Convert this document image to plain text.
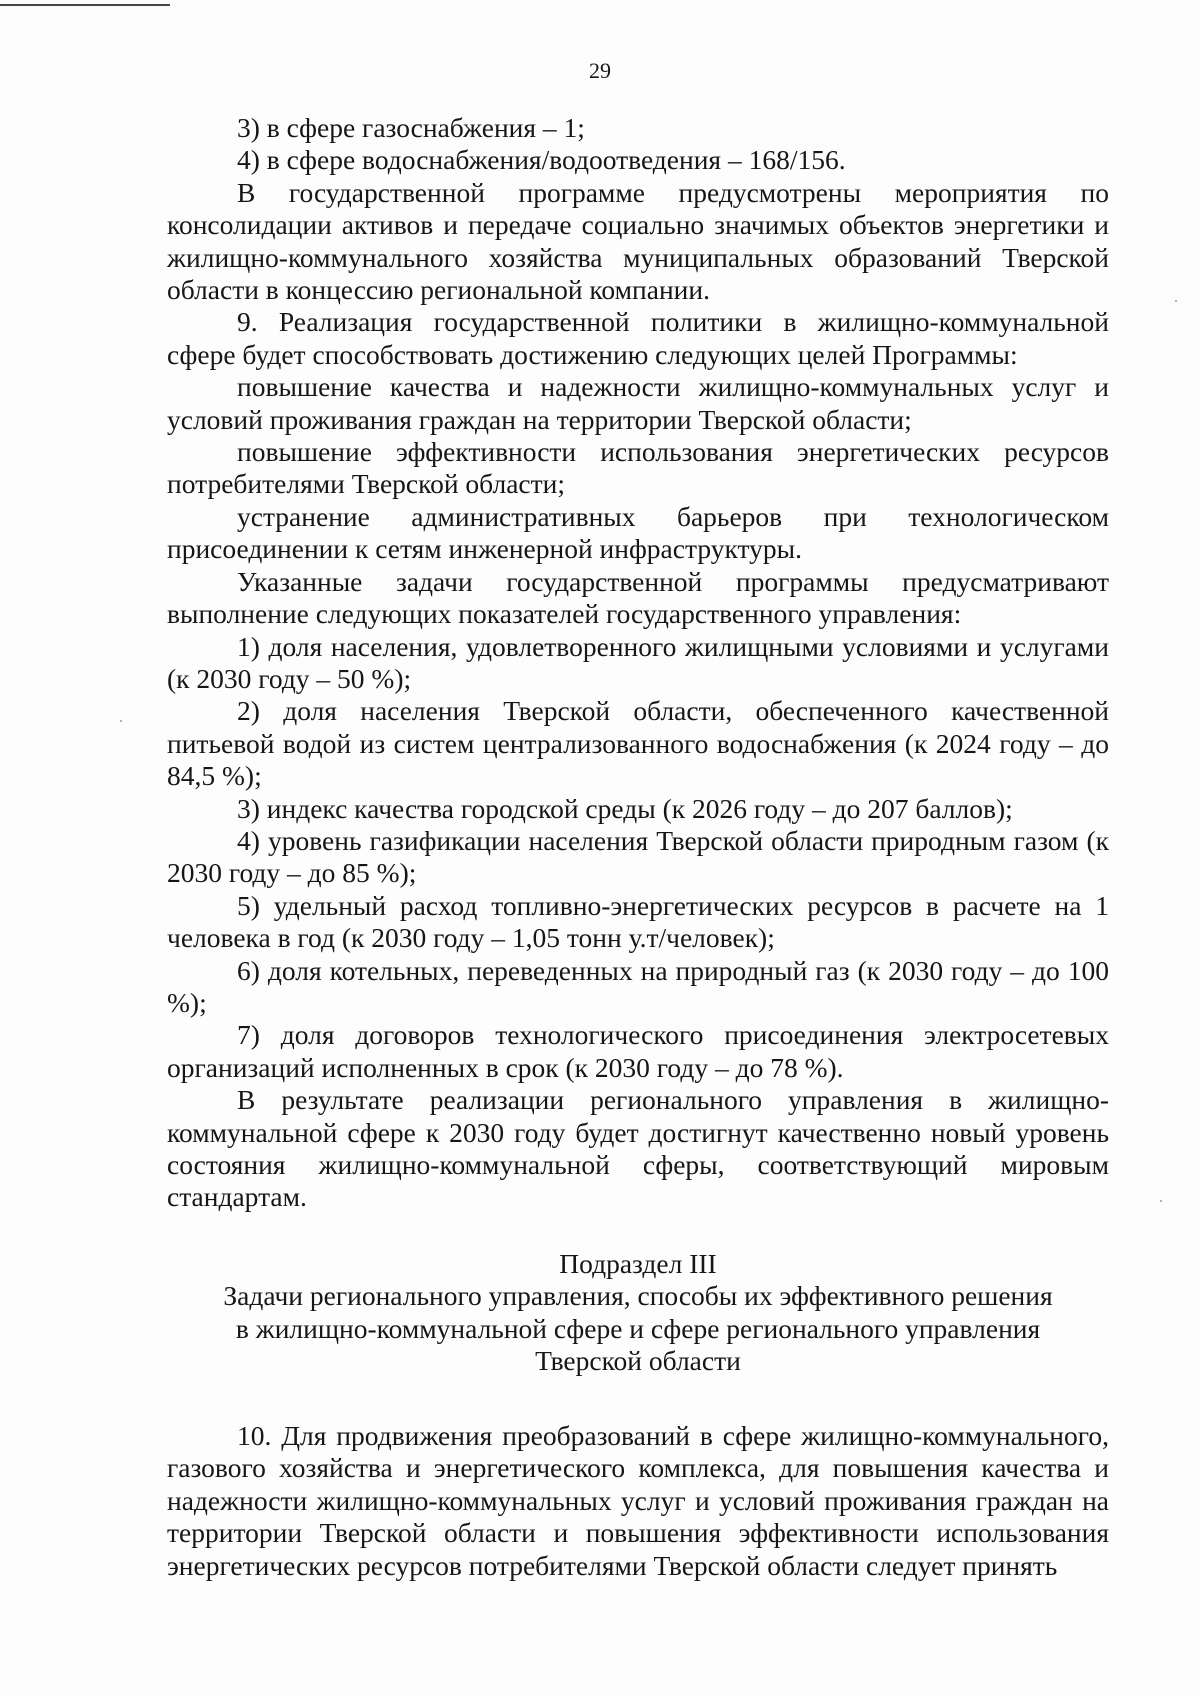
29

3) в сфере газоснабжения – 1;

4) в сфере водоснабжения/водоотведения – 168/156.

В государственной программе предусмотрены мероприятия по консолидации активов и передаче социально значимых объектов энергетики и жилищно-коммунального хозяйства муниципальных образований Тверской области в концессию региональной компании.

9. Реализация государственной политики в жилищно-коммунальной сфере будет способствовать достижению следующих целей Программы:

повышение качества и надежности жилищно-коммунальных услуг и условий проживания граждан на территории Тверской области;

повышение эффективности использования энергетических ресурсов потребителями Тверской области;

устранение административных барьеров при технологическом присоединении к сетям инженерной инфраструктуры.

Указанные задачи государственной программы предусматривают выполнение следующих показателей государственного управления:

1) доля населения, удовлетворенного жилищными условиями и услугами (к 2030 году – 50 %);

2) доля населения Тверской области, обеспеченного качественной питьевой водой из систем централизованного водоснабжения (к 2024 году – до 84,5 %);

3) индекс качества городской среды (к 2026 году – до 207 баллов);

4) уровень газификации населения Тверской области природным газом (к 2030 году – до 85 %);

5) удельный расход топливно-энергетических ресурсов в расчете на 1 человека в год (к 2030 году – 1,05 тонн у.т/человек);

6) доля котельных, переведенных на природный газ (к 2030 году – до 100 %);

7) доля договоров технологического присоединения электросетевых организаций исполненных в срок (к 2030 году – до 78 %).

В результате реализации регионального управления в жилищно-коммунальной сфере к 2030 году будет достигнут качественно новый уровень состояния жилищно-коммунальной сферы, соответствующий мировым стандартам.

Подраздел III
Задачи регионального управления, способы их эффективного решения
в жилищно-коммунальной сфере и сфере регионального управления
Тверской области

10. Для продвижения преобразований в сфере жилищно-коммунального, газового хозяйства и энергетического комплекса, для повышения качества и надежности жилищно-коммунальных услуг и условий проживания граждан на территории Тверской области и повышения эффективности использования энергетических ресурсов потребителями Тверской области следует принять
